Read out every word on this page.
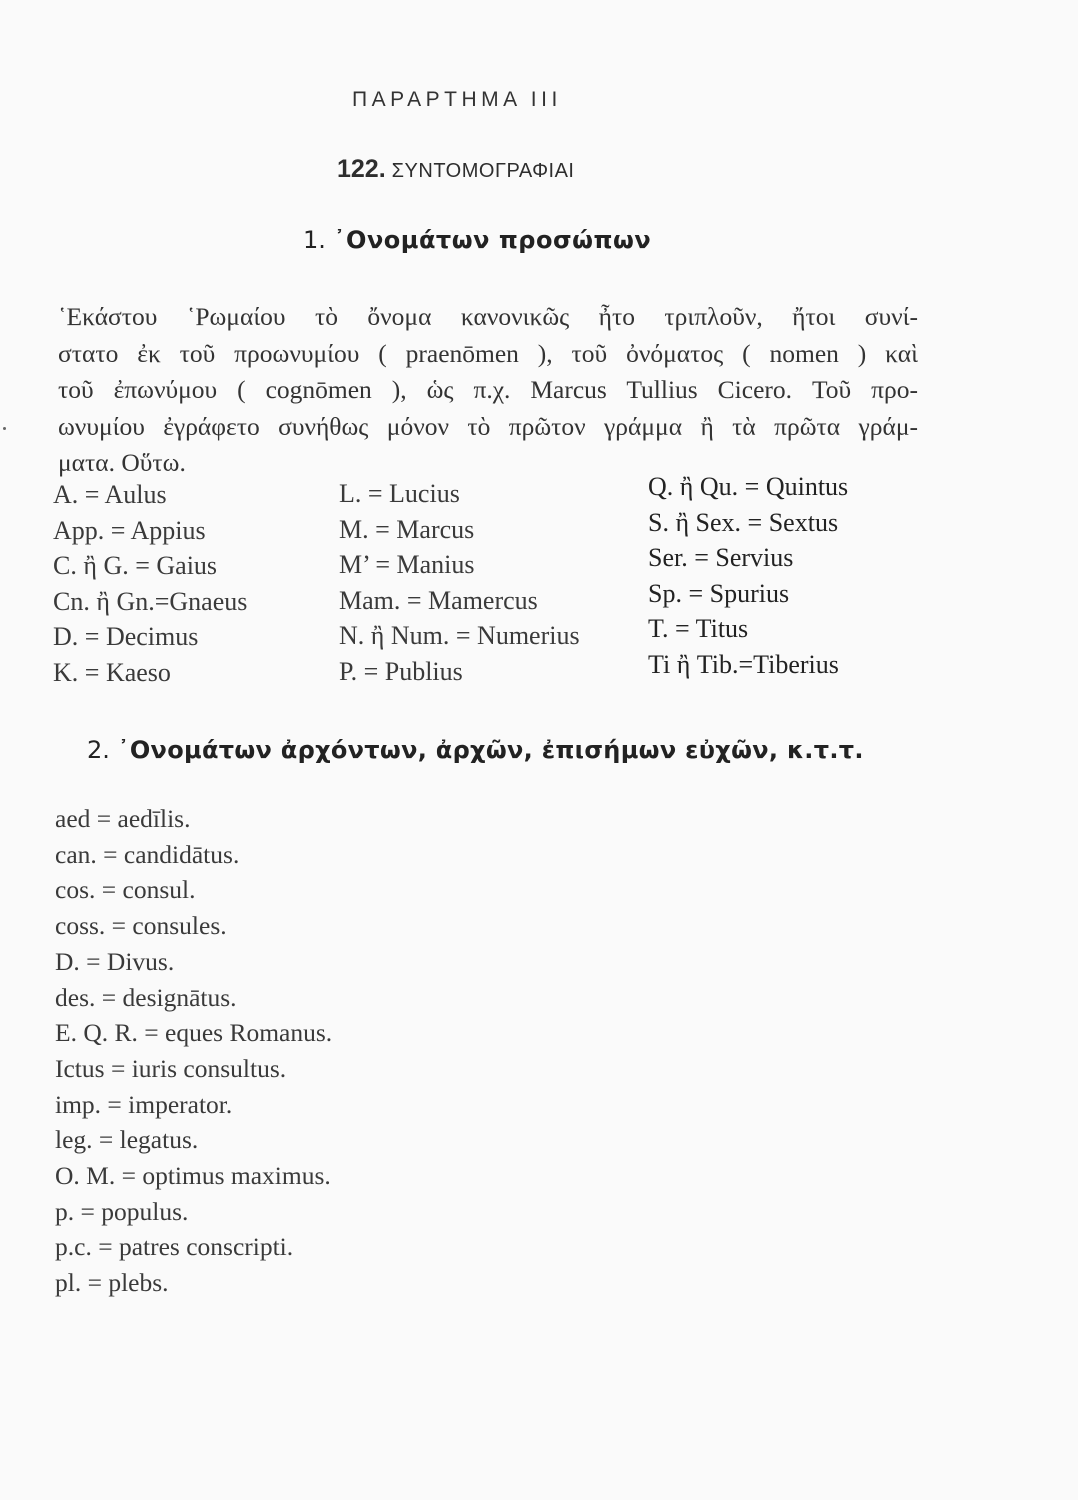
ΠΑΡΑΡΤΗΜΑ ΙΙΙ
122. ΣΥΝΤΟΜΟΓΡΑΦΙΑΙ
1. ᾿Ονομάτων προσώπων
῾Εκάστου ῾Ρωμαίου τὸ ὄνομα κανονικῶς ἦτο τριπλοῦν, ἤτοι συνί-
στατο ἐκ τοῦ προωνυμίου ( praenōmen ), τοῦ ὀνόματος ( nomen ) καὶ
τοῦ ἐπωνύμου ( cognōmen ), ὡς π.χ. Marcus Tullius Cicero. Τοῦ προ-
ωνυμίου ἐγράφετο συνήθως μόνον τὸ πρῶτον γράμμα ἢ τὰ πρῶτα γράμ-
ματα. Οὕτω.
A. = Aulus
App. = Appius
C. ἢ G. = Gaius
Cn. ἢ Gn.=Gnaeus
D. = Decimus
K. = Kaeso
L. = Lucius
M. = Marcus
M’ = Manius
Mam. = Mamercus
N. ἢ Num. = Numerius
P. = Publius
Q. ἢ Qu. = Quintus
S. ἢ Sex. = Sextus
Ser. = Servius
Sp. = Spurius
T. = Titus
Ti ἢ Tib.=Tiberius
2. ᾿Ονομάτων ἀρχόντων, ἀρχῶν, ἐπισήμων εὐχῶν, κ.τ.τ.
aed = aedīlis.
can. = candidātus.
cos. = consul.
coss. = consules.
D. = Divus.
des. = designātus.
E. Q. R. = eques Romanus.
Ictus = iuris consultus.
imp. = imperator.
leg. = legatus.
O. M. = optimus maximus.
p. = populus.
p.c. = patres conscripti.
pl. = plebs.
